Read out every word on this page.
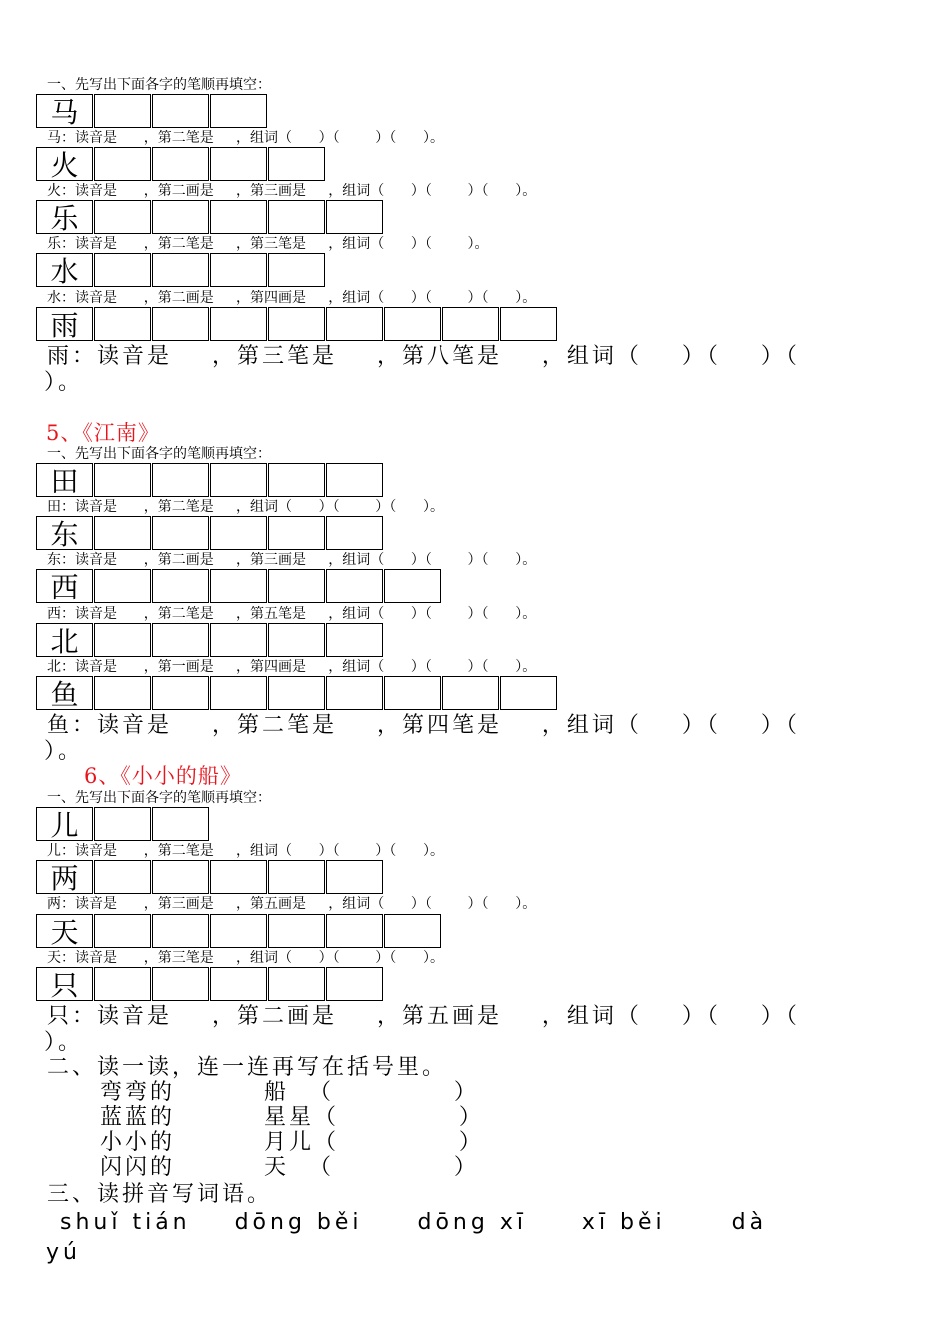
一、先写出下面各字的笔顺再填空：
马
马：读音是      ，第二笔是     ，组词（      ）（        ）（      ）。
火
火：读音是      ，第二画是     ，第三画是     ，组词（      ）（        ）（      ）。
乐
乐：读音是      ，第二笔是     ，第三笔是     ，组词（      ）（        ）。
水
水：读音是      ，第二画是     ，第四画是     ，组词（      ）（        ）（      ）。
雨
雨：读音是    ，第三笔是    ，第八笔是    ，组词（    ）（    ）（
）。
5、《江南》
一、先写出下面各字的笔顺再填空：
田
田：读音是      ，第二笔是     ，组词（      ）（        ）（      ）。
东
东：读音是      ，第二画是     ，第三画是     ，组词（      ）（        ）（      ）。
西
西：读音是      ，第二笔是     ，第五笔是     ，组词（      ）（        ）（      ）。
北
北：读音是      ，第一画是     ，第四画是     ，组词（      ）（        ）（      ）。
鱼
鱼：读音是    ，第二笔是    ，第四笔是    ，组词（    ）（    ）（
）。
6、《小小的船》
一、先写出下面各字的笔顺再填空：
儿
儿：读音是      ，第二笔是     ，组词（      ）（        ）（      ）。
两
两：读音是      ，第三画是     ，第五画是     ，组词（      ）（        ）（      ）。
天
天：读音是      ，第三笔是     ，组词（      ）（        ）（      ）。
只
只：读音是    ，第二画是    ，第五画是    ，组词（    ）（    ）（
）。
二、读一读，连一连再写在括号里。
弯弯的
蓝蓝的
小小的
闪闪的
船  （            ）
星星（            ）
月儿（            ）
天  （            ）
三、读拼音写词语。
shuǐ tián    dōng běi     dōng xī     xī běi      dà
yú
